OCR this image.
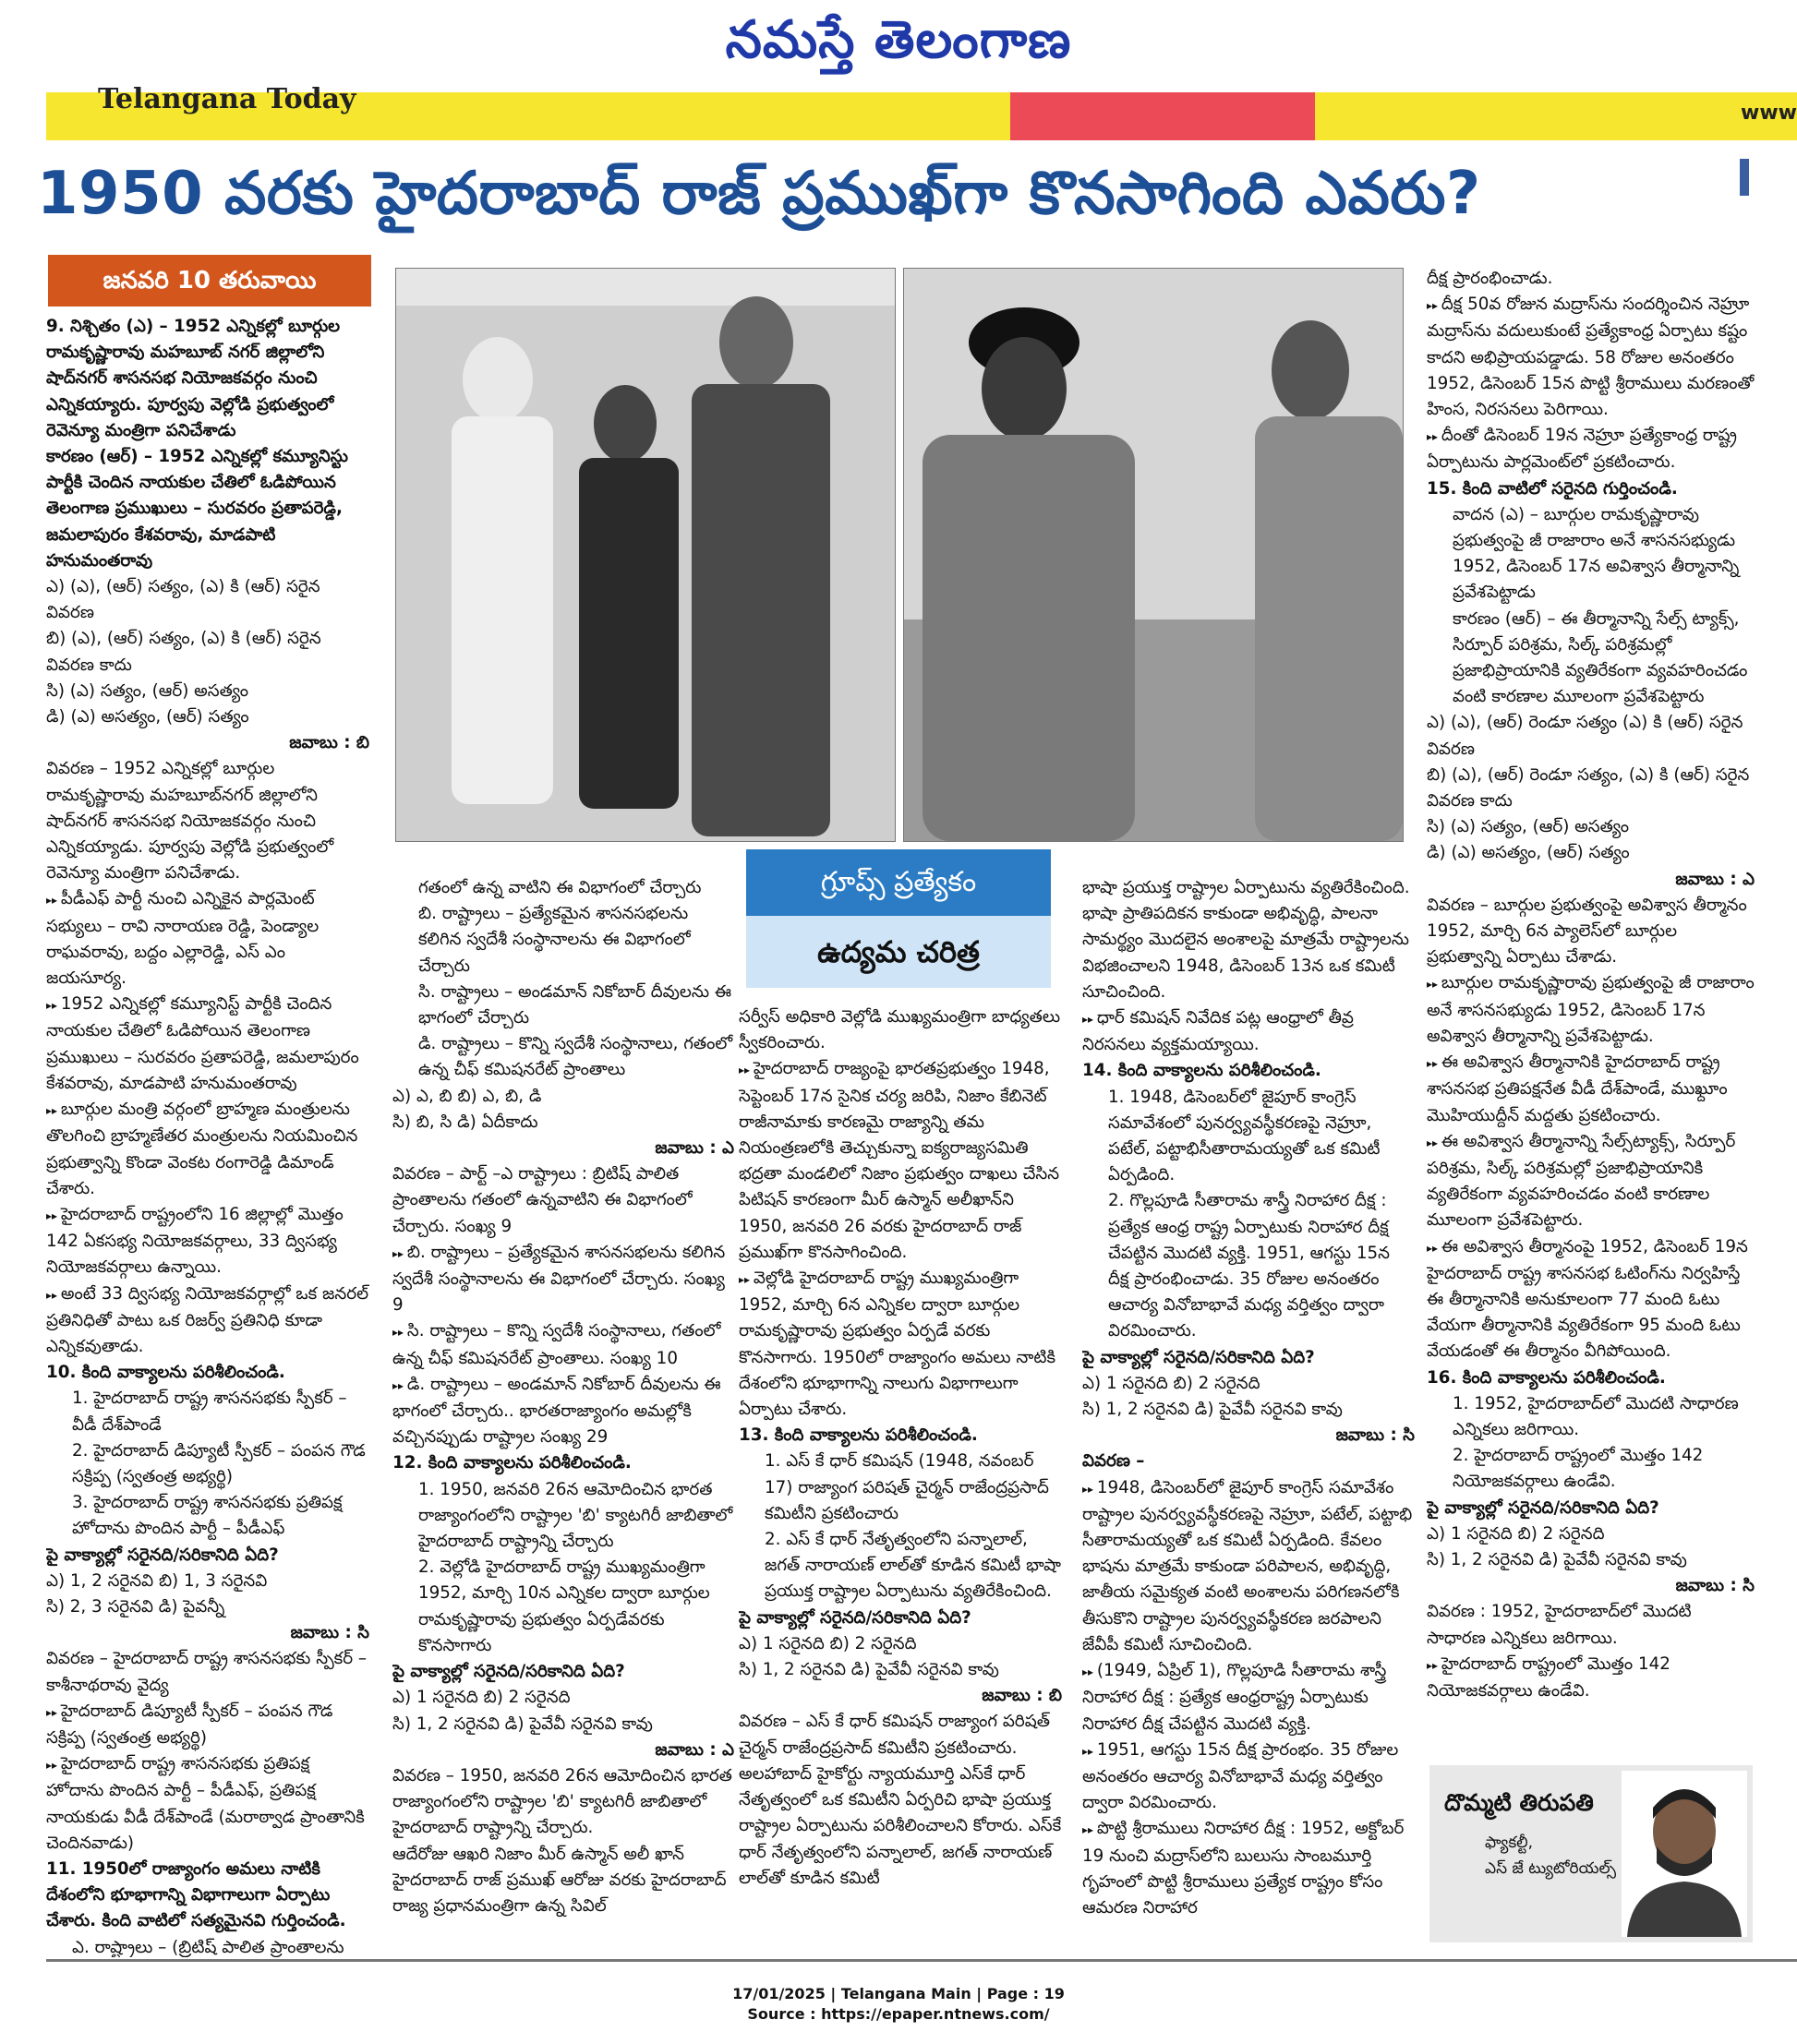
నమస్తే తెలంగాణ
Telangana Today	www
1950 వరకు హైదరాబాద్ రాజ్ ప్రముఖ్‌గా కొనసాగింది ఎవరు?
జనవరి 10 తరువాయి
గ్రూప్స్ ప్రత్యేకం
ఉద్యమ చరిత్ర

9. నిశ్చితం (ఎ) – 1952 ఎన్నికల్లో బూర్గుల రామకృష్ణారావు మహబూబ్ నగర్ జిల్లాలోని షాద్‌నగర్ శాసనసభ నియోజకవర్గం నుంచి ఎన్నికయ్యారు. పూర్వపు వెల్లోడి ప్రభుత్వంలో రెవెన్యూ మంత్రిగా పనిచేశాడు

కారణం (ఆర్) – 1952 ఎన్నికల్లో కమ్యూనిస్టు పార్టీకి చెందిన నాయకుల చేతిలో ఓడిపోయిన తెలంగాణ ప్రముఖులు – సురవరం ప్రతాపరెడ్డి, జమలాపురం కేశవరావు, మాడపాటి హనుమంతరావు

ఎ) (ఎ), (ఆర్) సత్యం, (ఎ) కి (ఆర్) సరైన వివరణ

బి) (ఎ), (ఆర్) సత్యం, (ఎ) కి (ఆర్) సరైన వివరణ కాదు

సి) (ఎ) సత్యం, (ఆర్) అసత్యం

డి) (ఎ) అసత్యం, (ఆర్) సత్యం

జవాబు : బి

వివరణ – 1952 ఎన్నికల్లో బూర్గుల రామకృష్ణారావు మహబూబ్‌నగర్ జిల్లాలోని షాద్‌నగర్ శాసనసభ నియోజకవర్గం నుంచి ఎన్నికయ్యాడు. పూర్వపు వెల్లోడి ప్రభుత్వంలో రెవెన్యూ మంత్రిగా పనిచేశాడు.

▸▸ పీడీఎఫ్ పార్టీ నుంచి ఎన్నికైన పార్లమెంట్ సభ్యులు – రావి నారాయణ రెడ్డి, పెండ్యాల రాఘవరావు, బద్దం ఎల్లారెడ్డి, ఎస్ ఎం జయసూర్య.

▸▸ 1952 ఎన్నికల్లో కమ్యూనిస్ట్ పార్టీకి చెందిన నాయకుల చేతిలో ఓడిపోయిన తెలంగాణ ప్రముఖులు – సురవరం ప్రతాపరెడ్డి, జమలాపురం కేశవరావు, మాడపాటి హనుమంతరావు

▸▸ బూర్గుల మంత్రి వర్గంలో బ్రాహ్మణ మంత్రులను తొలగించి బ్రాహ్మణేతర మంత్రులను నియమించిన ప్రభుత్వాన్ని కొండా వెంకట రంగారెడ్డి డిమాండ్ చేశారు.

▸▸ హైదరాబాద్ రాష్ట్రంలోని 16 జిల్లాల్లో మొత్తం 142 ఏకసభ్య నియోజకవర్గాలు, 33 ద్విసభ్య నియోజకవర్గాలు ఉన్నాయి.

▸▸ అంటే 33 ద్విసభ్య నియోజకవర్గాల్లో ఒక జనరల్ ప్రతినిధితో పాటు ఒక రిజర్వ్ ప్రతినిధి కూడా ఎన్నికవుతాడు.

10. కింది వాక్యాలను పరిశీలించండి.

1. హైదరాబాద్ రాష్ట్ర శాసనసభకు స్పీకర్ – వీడీ దేశ్‌పాండే

2. హైదరాబాద్ డిప్యూటీ స్పీకర్ – పంపన గౌడ సక్రిప్ప (స్వతంత్ర అభ్యర్థి)

3. హైదరాబాద్ రాష్ట్ర శాసనసభకు ప్రతిపక్ష హోదాను పొందిన పార్టీ – పీడీఎఫ్

పై వాక్యాల్లో సరైనది/సరికానిది ఏది?

ఎ) 1, 2 సరైనవి బి) 1, 3 సరైనవి

సి) 2, 3 సరైనవి డి) పైవన్నీ

జవాబు : సి

వివరణ – హైదరాబాద్ రాష్ట్ర శాసనసభకు స్పీకర్ – కాశీనాథరావు వైద్య

▸▸ హైదరాబాద్ డిప్యూటీ స్పీకర్ – పంపన గౌడ సక్రిప్ప (స్వతంత్ర అభ్యర్థి)

▸▸ హైదరాబాద్ రాష్ట్ర శాసనసభకు ప్రతిపక్ష హోదాను పొందిన పార్టీ – పీడీఎఫ్, ప్రతిపక్ష నాయకుడు వీడీ దేశ్‌పాండే (మరాఠ్వాడ ప్రాంతానికి చెందినవాడు)

11. 1950లో రాజ్యాంగం అమలు నాటికి దేశంలోని భూభాగాన్ని విభాగాలుగా ఏర్పాటు చేశారు. కింది వాటిలో సత్యమైనవి గుర్తించండి.

ఎ. రాష్ట్రాలు – (బ్రిటిష్ పాలిత ప్రాంతాలను

గతంలో ఉన్న వాటిని ఈ విభాగంలో చేర్చారు

బి. రాష్ట్రాలు – ప్రత్యేకమైన శాసనసభలను కలిగిన స్వదేశీ సంస్థానాలను ఈ విభాగంలో చేర్చారు

సి. రాష్ట్రాలు – అండమాన్ నికోబార్ దీవులను ఈ భాగంలో చేర్చారు

డి. రాష్ట్రాలు – కొన్ని స్వదేశీ సంస్థానాలు, గతంలో ఉన్న చీఫ్ కమిషనరేట్ ప్రాంతాలు

ఎ) ఎ, బి బి) ఎ, బి, డి

సి) బి, సి డి) ఏదీకాదు

జవాబు : ఎ

వివరణ – పార్ట్ –ఎ రాష్ట్రాలు : బ్రిటిష్ పాలిత ప్రాంతాలను గతంలో ఉన్నవాటిని ఈ విభాగంలో చేర్చారు. సంఖ్య 9

▸▸ బి. రాష్ట్రాలు – ప్రత్యేకమైన శాసనసభలను కలిగిన స్వదేశీ సంస్థానాలను ఈ విభాగంలో చేర్చారు. సంఖ్య 9

▸▸ సి. రాష్ట్రాలు – కొన్ని స్వదేశీ సంస్థానాలు, గతంలో ఉన్న చీఫ్ కమిషనరేట్ ప్రాంతాలు. సంఖ్య 10

▸▸ డి. రాష్ట్రాలు – అండమాన్ నికోబార్ దీవులను ఈ భాగంలో చేర్చారు.. భారతరాజ్యాంగం అమల్లోకి వచ్చినప్పుడు రాష్ట్రాల సంఖ్య 29

12. కింది వాక్యాలను పరిశీలించండి.

1. 1950, జనవరి 26న ఆమోదించిన భారత రాజ్యాంగంలోని రాష్ట్రాల 'బి' క్యాటగిరీ జాబితాలో హైదరాబాద్ రాష్ట్రాన్ని చేర్చారు

2. వెల్లోడి హైదరాబాద్ రాష్ట్ర ముఖ్యమంత్రిగా 1952, మార్చి 10న ఎన్నికల ద్వారా బూర్గుల రామకృష్ణారావు ప్రభుత్వం ఏర్పడేవరకు కొనసాగారు

పై వాక్యాల్లో సరైనది/సరికానిది ఏది?

ఎ) 1 సరైనది బి) 2 సరైనది

సి) 1, 2 సరైనవి డి) పైవేవీ సరైనవి కావు

జవాబు : ఎ

వివరణ – 1950, జనవరి 26న ఆమోదించిన భారత రాజ్యాంగంలోని రాష్ట్రాల 'బి' క్యాటగిరీ జాబితాలో హైదరాబాద్ రాష్ట్రాన్ని చేర్చారు.

ఆదేరోజు ఆఖరి నిజాం మీర్ ఉస్మాన్ అలీ ఖాన్ హైదరాబాద్ రాజ్ ప్రముఖ్ ఆరోజు వరకు హైదరాబాద్ రాజ్య ప్రధానమంత్రిగా ఉన్న సివిల్

సర్వీస్ అధికారి వెల్లోడి ముఖ్యమంత్రిగా బాధ్యతలు స్వీకరించారు.

▸▸ హైదరాబాద్ రాజ్యంపై భారతప్రభుత్వం 1948, సెప్టెంబర్ 17న సైనిక చర్య జరిపి, నిజాం కేబినెట్ రాజీనామాకు కారణమై రాజ్యాన్ని తమ నియంత్రణలోకి తెచ్చుకున్నా ఐక్యరాజ్యసమితి భద్రతా మండలిలో నిజాం ప్రభుత్వం దాఖలు చేసిన పిటిషన్ కారణంగా మీర్ ఉస్మాన్ అలీఖాన్‌ని 1950, జనవరి 26 వరకు హైదరాబాద్ రాజ్ ప్రముఖ్‌గా కొనసాగించింది.

▸▸ వెల్లోడి హైదరాబాద్ రాష్ట్ర ముఖ్యమంత్రిగా 1952, మార్చి 6న ఎన్నికల ద్వారా బూర్గుల రామకృష్ణారావు ప్రభుత్వం ఏర్పడే వరకు కొనసాగారు. 1950లో రాజ్యాంగం అమలు నాటికి దేశంలోని భూభాగాన్ని నాలుగు విభాగాలుగా ఏర్పాటు చేశారు.

13. కింది వాక్యాలను పరిశీలించండి.

1. ఎస్ కే ధార్ కమిషన్ (1948, నవంబర్ 17) రాజ్యాంగ పరిషత్ చైర్మన్ రాజేంద్రప్రసాద్ కమిటీని ప్రకటించారు

2. ఎస్ కే ధార్ నేతృత్వంలోని పన్నాలాల్, జగత్ నారాయణ్ లాల్‌తో కూడిన కమిటీ భాషా ప్రయుక్త రాష్ట్రాల ఏర్పాటును వ్యతిరేకించింది.

పై వాక్యాల్లో సరైనది/సరికానిది ఏది?

ఎ) 1 సరైనది బి) 2 సరైనది

సి) 1, 2 సరైనవి డి) పైవేవీ సరైనవి కావు

జవాబు : బి

వివరణ – ఎస్ కే ధార్ కమిషన్ రాజ్యాంగ పరిషత్ చైర్మన్ రాజేంద్రప్రసాద్ కమిటీని ప్రకటించారు. అలహాబాద్ హైకోర్టు న్యాయమూర్తి ఎస్‌కే ధార్ నేతృత్వంలో ఒక కమిటీని ఏర్పరిచి భాషా ప్రయుక్త రాష్ట్రాల ఏర్పాటును పరిశీలించాలని కోరారు. ఎస్‌కే ధార్ నేతృత్వంలోని పన్నాలాల్, జగత్ నారాయణ్ లాల్‌తో కూడిన కమిటీ

భాషా ప్రయుక్త రాష్ట్రాల ఏర్పాటును వ్యతిరేకించింది. భాషా ప్రాతిపదికన కాకుండా అభివృద్ధి, పాలనా సామర్థ్యం మొదలైన అంశాలపై మాత్రమే రాష్ట్రాలను విభజించాలని 1948, డిసెంబర్ 13న ఒక కమిటీ సూచించింది.

▸▸ ధార్ కమిషన్ నివేదిక పట్ల ఆంధ్రాలో తీవ్ర నిరసనలు వ్యక్తమయ్యాయి.

14. కింది వాక్యాలను పరిశీలించండి.

1. 1948, డిసెంబర్‌లో జైపూర్ కాంగ్రెస్ సమావేశంలో పునర్వ్యవస్థీకరణపై నెహ్రూ, పటేల్, పట్టాభిసీతారామయ్యతో ఒక కమిటీ ఏర్పడింది.

2. గొల్లపూడి సీతారామ శాస్త్రీ నిరాహార దీక్ష : ప్రత్యేక ఆంధ్ర రాష్ట్ర ఏర్పాటుకు నిరాహార దీక్ష చేపట్టిన మొదటి వ్యక్తి. 1951, ఆగస్టు 15న దీక్ష ప్రారంభించాడు. 35 రోజుల అనంతరం ఆచార్య వినోబాభావే మధ్య వర్తిత్వం ద్వారా విరమించారు.

పై వాక్యాల్లో సరైనది/సరికానిది ఏది?

ఎ) 1 సరైనది బి) 2 సరైనది

సి) 1, 2 సరైనవి డి) పైవేవీ సరైనవి కావు

జవాబు : సి

వివరణ –

▸▸ 1948, డిసెంబర్‌లో జైపూర్ కాంగ్రెస్ సమావేశం రాష్ట్రాల పునర్వ్యవస్థీకరణపై నెహ్రూ, పటేల్, పట్టాభి సీతారామయ్యతో ఒక కమిటీ ఏర్పడింది. కేవలం భాషను మాత్రమే కాకుండా పరిపాలన, అభివృద్ధి, జాతీయ సమైక్యత వంటి అంశాలను పరిగణనలోకి తీసుకొని రాష్ట్రాల పునర్వ్యవస్థీకరణ జరపాలని జేవీపీ కమిటీ సూచించింది.

▸▸ (1949, ఏప్రిల్ 1), గొల్లపూడి సీతారామ శాస్త్రీ నిరాహార దీక్ష : ప్రత్యేక ఆంధ్రరాష్ట్ర ఏర్పాటుకు నిరాహార దీక్ష చేపట్టిన మొదటి వ్యక్తి.

▸▸ 1951, ఆగస్టు 15న దీక్ష ప్రారంభం. 35 రోజుల అనంతరం ఆచార్య వినోబాభావే మధ్య వర్తిత్వం ద్వారా విరమించారు.

▸▸ పొట్టి శ్రీరాములు నిరాహార దీక్ష : 1952, అక్టోబర్ 19 నుంచి మద్రాస్‌లోని బులుసు సాంబమూర్తి గృహంలో పొట్టి శ్రీరాములు ప్రత్యేక రాష్ట్రం కోసం ఆమరణ నిరాహార

దీక్ష ప్రారంభించాడు.

▸▸ దీక్ష 50వ రోజున మద్రాస్‌ను సందర్శించిన నెహ్రూ మద్రాస్‌ను వదులుకుంటే ప్రత్యేకాంధ్ర ఏర్పాటు కష్టం కాదని అభిప్రాయపడ్డాడు. 58 రోజుల అనంతరం 1952, డిసెంబర్ 15న పొట్టి శ్రీరాములు మరణంతో హింస, నిరసనలు పెరిగాయి.

▸▸ దీంతో డిసెంబర్ 19న నెహ్రూ ప్రత్యేకాంధ్ర రాష్ట్ర ఏర్పాటును పార్లమెంట్‌లో ప్రకటించారు.

15. కింది వాటిలో సరైనది గుర్తించండి.

వాదన (ఎ) – బూర్గుల రామకృష్ణారావు ప్రభుత్వంపై జీ రాజారాం అనే శాసనసభ్యుడు 1952, డిసెంబర్ 17న అవిశ్వాస తీర్మానాన్ని ప్రవేశపెట్టాడు

కారణం (ఆర్) – ఈ తీర్మానాన్ని సేల్స్ ట్యాక్స్, సిర్పూర్ పరిశ్రమ, సిల్క్ పరిశ్రమల్లో ప్రజాభిప్రాయానికి వ్యతిరేకంగా వ్యవహరించడం వంటి కారణాల మూలంగా ప్రవేశపెట్టారు

ఎ) (ఎ), (ఆర్) రెండూ సత్యం (ఎ) కి (ఆర్) సరైన వివరణ

బి) (ఎ), (ఆర్) రెండూ సత్యం, (ఎ) కి (ఆర్) సరైన వివరణ కాదు

సి) (ఎ) సత్యం, (ఆర్) అసత్యం

డి) (ఎ) అసత్యం, (ఆర్) సత్యం

జవాబు : ఎ

వివరణ – బూర్గుల ప్రభుత్వంపై అవిశ్వాస తీర్మానం 1952, మార్చి 6న ప్యాలెస్‌లో బూర్గుల ప్రభుత్వాన్ని ఏర్పాటు చేశాడు.

▸▸ బూర్గుల రామకృష్ణారావు ప్రభుత్వంపై జీ రాజారాం అనే శాసనసభ్యుడు 1952, డిసెంబర్ 17న అవిశ్వాస తీర్మానాన్ని ప్రవేశపెట్టాడు.

▸▸ ఈ అవిశ్వాస తీర్మానానికి హైదరాబాద్ రాష్ట్ర శాసనసభ ప్రతిపక్షనేత వీడీ దేశ్‌పాండే, ముఖ్దూం మొహియుద్దీన్ మద్దతు ప్రకటించారు.

▸▸ ఈ అవిశ్వాస తీర్మానాన్ని సేల్స్‌ట్యాక్స్, సిర్పూర్ పరిశ్రమ, సిల్క్ పరిశ్రమల్లో ప్రజాభిప్రాయానికి వ్యతిరేకంగా వ్యవహరించడం వంటి కారణాల మూలంగా ప్రవేశపెట్టారు.

▸▸ ఈ అవిశ్వాస తీర్మానంపై 1952, డిసెంబర్ 19న హైదరాబాద్ రాష్ట్ర శాసనసభ ఓటింగ్‌ను నిర్వహిస్తే ఈ తీర్మానానికి అనుకూలంగా 77 మంది ఓటు వేయగా తీర్మానానికి వ్యతిరేకంగా 95 మంది ఓటు వేయడంతో ఈ తీర్మానం వీగిపోయింది.

16. కింది వాక్యాలను పరిశీలించండి.

1. 1952, హైదరాబాద్‌లో మొదటి సాధారణ ఎన్నికలు జరిగాయి.

2. హైదరాబాద్ రాష్ట్రంలో మొత్తం 142 నియోజకవర్గాలు ఉండేవి.

పై వాక్యాల్లో సరైనది/సరికానిది ఏది?

ఎ) 1 సరైనది బి) 2 సరైనది

సి) 1, 2 సరైనవి డి) పైవేవీ సరైనవి కావు

జవాబు : సి

వివరణ : 1952, హైదరాబాద్‌లో మొదటి సాధారణ ఎన్నికలు జరిగాయి.

▸▸ హైదరాబాద్ రాష్ట్రంలో మొత్తం 142 నియోజకవర్గాలు ఉండేవి.

దొమ్మటి తిరుపతి
ఫ్యాకల్టీ,
ఎస్ జే ట్యుటోరియల్స్
17/01/2025 | Telangana Main | Page : 19
Source : https://epaper.ntnews.com/
